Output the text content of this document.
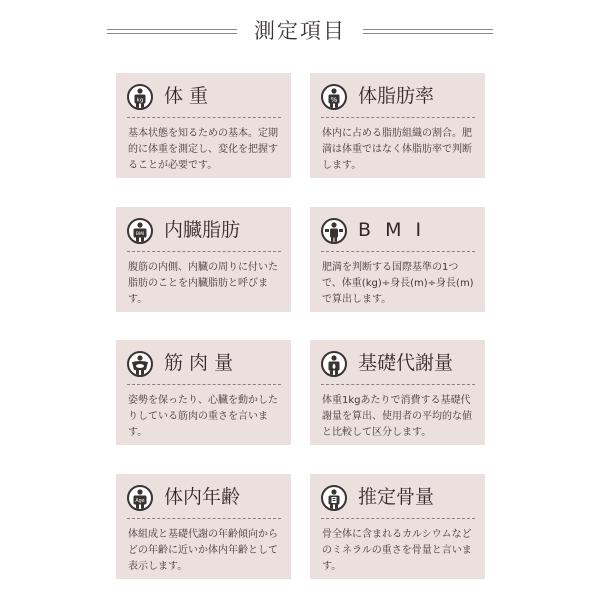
測定項目
kg 体 重
基本状態を知るための基本。定期的に体重を測定し、変化を把握することが必要です。
% 体脂肪率
体内に占める脂肪組織の割合。肥満は体重ではなく体脂肪率で判断します。
BMI 内臓脂肪
腹筋の内側、内臓の周りに付いた脂肪のことを内臓脂肪と呼びます。
B M I
肥満を判断する国際基準の1つで、体重(kg)÷身長(m)÷身長(m)で算出します。
筋 肉 量
姿勢を保ったり、心臓を動かしたりしている筋肉の重さを言います。
基礎代謝量
体重1kgあたりで消費する基礎代謝量を算出、使用者の平均的な値と比較して区分します。
Age 体内年齢
体組成と基礎代謝の年齢傾向からどの年齢に近いか体内年齢として表示します。
推定骨量
骨全体に含まれるカルシウムなどのミネラルの重さを骨量と言います。
